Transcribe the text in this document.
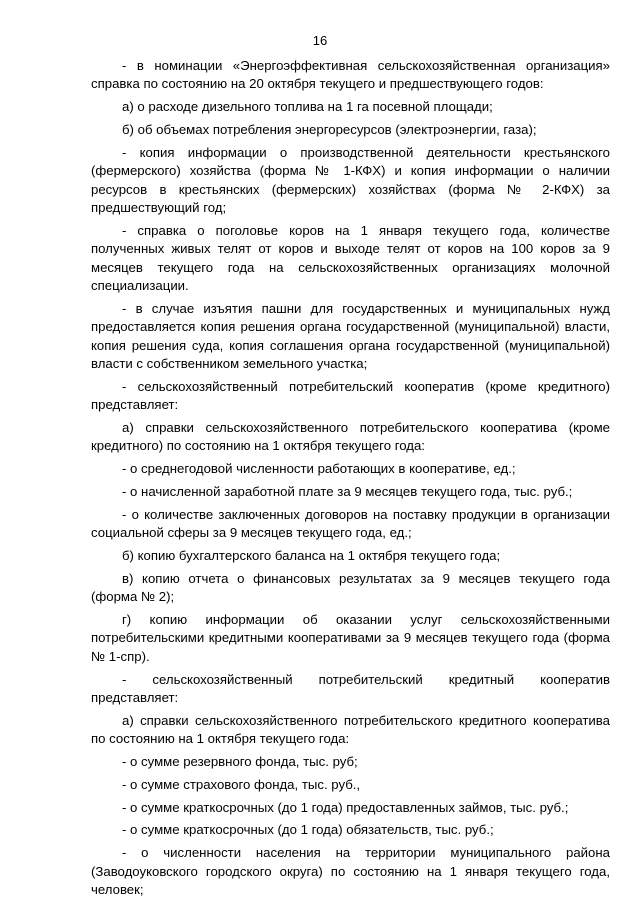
16

- в номинации «Энергоэффективная сельскохозяйственная организация» справка по состоянию на 20 октября текущего и предшествующего годов:

а) о расходе дизельного топлива на 1 га посевной площади;

б) об объемах потребления энергоресурсов (электроэнергии, газа);

- копия информации о производственной деятельности крестьянского (фермерского) хозяйства (форма № 1-КФХ) и копия информации о наличии ресурсов в крестьянских (фермерских) хозяйствах (форма № 2-КФХ) за предшествующий год;

- справка о поголовье коров на 1 января текущего года, количестве полученных живых телят от коров и выходе телят от коров на 100 коров за 9 месяцев текущего года на сельскохозяйственных организациях молочной специализации.

- в случае изъятия пашни для государственных и муниципальных нужд предоставляется копия решения органа государственной (муниципальной) власти, копия решения суда, копия соглашения органа государственной (муниципальной) власти с собственником земельного участка;

- сельскохозяйственный потребительский кооператив (кроме кредитного) представляет:

а) справки сельскохозяйственного потребительского кооператива (кроме кредитного) по состоянию на 1 октября текущего года:

- о среднегодовой численности работающих в кооперативе, ед.;

- о начисленной заработной плате за 9 месяцев текущего года, тыс. руб.;

- о количестве заключенных договоров на поставку продукции в организации социальной сферы за 9 месяцев текущего года, ед.;

б) копию бухгалтерского баланса на 1 октября текущего года;

в) копию отчета о финансовых результатах за 9 месяцев текущего года (форма № 2);

г) копию информации об оказании услуг сельскохозяйственными потребительскими кредитными кооперативами за 9 месяцев текущего года (форма № 1-спр).

- сельскохозяйственный потребительский кредитный кооператив представляет:

а) справки сельскохозяйственного потребительского кредитного кооператива по состоянию на 1 октября текущего года:

- о сумме резервного фонда, тыс. руб;

- о сумме страхового фонда, тыс. руб.,

- о сумме краткосрочных (до 1 года) предоставленных займов, тыс. руб.;

- о сумме краткосрочных (до 1 года) обязательств, тыс. руб.;

- о численности населения на территории муниципального района (Заводоуковского городского округа) по состоянию на 1 января текущего года, человек;
